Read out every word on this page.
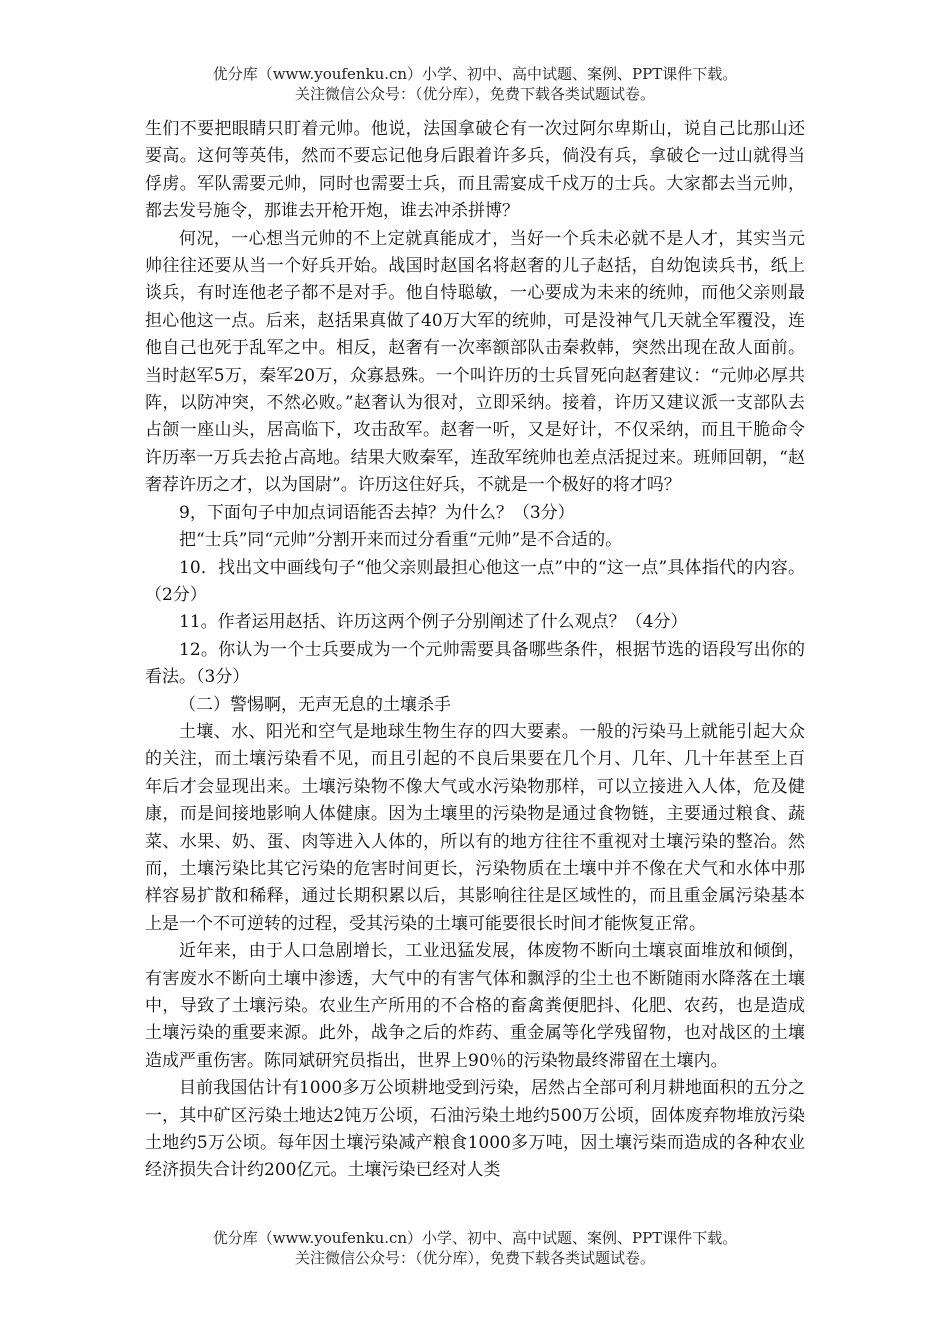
优分库（www.youfenku.cn）小学、初中、高中试题、案例、PPT课件下载。

关注微信公众号：（优分库），免费下载各类试题试卷。

生们不要把眼睛只盯着元帅。他说，法国拿破仑有一次过阿尔卑斯山，说自己比那山还要高。这何等英伟，然而不要忘记他身后跟着许多兵，倘没有兵，拿破仑一过山就得当俘虏。军队需要元帅，同时也需要士兵，而且需宴成千戍万的士兵。大家都去当元帅，都去发号施令，那谁去开枪开炮，谁去冲杀拼博？

何况，一心想当元帅的不上定就真能成才，当好一个兵未必就不是人才，其实当元帅往往还要从当一个好兵开始。战国时赵国名将赵奢的儿子赵括，自幼饱读兵书，纸上谈兵，有时连他老子都不是对手。他自恃聪敏，一心要成为未来的统帅，而他父亲则最担心他这一点。后来，赵括果真做了40万大军的统帅，可是没神气几天就全军覆没，连他自己也死于乱军之中。相反，赵奢有一次率额部队击秦救韩，突然出现在敌人面前。当时赵军5万，秦军20万，众寡悬殊。一个叫许历的士兵冒死向赵奢建议：“元帅必厚共阵，以防冲突，不然必败。”赵奢认为很对，立即采纳。接着，许历又建议派一支部队去占颌一座山头，居高临下，攻击敌军。赵奢一听，又是好计，不仅采纳，而且干脆命令许历率一万兵去抢占高地。结果大败秦军，连敌军统帅也差点活捉过来。班师回朝，“赵奢荐许历之才，以为国尉”。许历这住好兵，不就是一个极好的将才吗？

9，下面句子中加点词语能否去掉？为什么？（3分）

把“士兵”同“元帅”分割开来而过分看重“元帅”是不合适的。

10．找出文中画线句子“他父亲则最担心他这一点”中的“这一点”具体指代的内容。（2分）

11。作者运用赵括、许历这两个例子分别阐述了什么观点？（4分）

12。你认为一个士兵要成为一个元帅需要具备哪些条件，根据节选的语段写出你的看法。（3分）

（二）警惕啊，无声无息的土壤杀手

土壤、水、阳光和空气是地球生物生存的四大要素。一般的污染马上就能引起大众的关注，而土壤污染看不见，而且引起的不良后果要在几个月、几年、几十年甚至上百年后才会显现出来。土壤污染物不像大气或水污染物那样，可以立接进入人体，危及健康，而是间接地影响人体健康。因为土壤里的污染物是通过食物链，主要通过粮食、蔬菜、水果、奶、蛋、肉等进入人体的，所以有的地方往往不重视对土壤污染的整冶。然而，土壤污染比其它污染的危害时间更长，污染物质在土壤中并不像在犬气和水体中那样容易扩散和稀释，通过长期积累以后，其影响往往是区域性的，而且重金属污染基本上是一个不可逆转的过程，受其污染的土壤可能要很长时间才能恢复正常。

近年来，由于人口急剧增长，工业迅猛发展，体废物不断向土壤哀面堆放和倾倒，有害废水不断向土壤中渗透，大气中的有害气体和飘浮的尘土也不断随雨水降落在土壤中，导致了土壤污染。农业生产所用的不合格的畜禽粪便肥抖、化肥、农药，也是造成土壤污染的重要来源。此外，战争之后的炸药、重金属等化学残留物，也对战区的土壤造成严重伤害。陈同斌研究员指出，世界上90％的污染物最终滞留在土壤内。

目前我国估计有1000多万公顷耕地受到污染，居然占全部可利月耕地面积的五分之一，其中矿区污染土地达2饨万公顷，石油污染土地约500万公顷，固体废弃物堆放污染土地约5万公顷。每年因土壤污染减产粮食1000多万吨，因土壤污柒而造成的各种农业经济损失合计约200亿元。土壤污染已经对人类

优分库（www.youfenku.cn）小学、初中、高中试题、案例、PPT课件下载。

关注微信公众号：（优分库），免费下载各类试题试卷。
